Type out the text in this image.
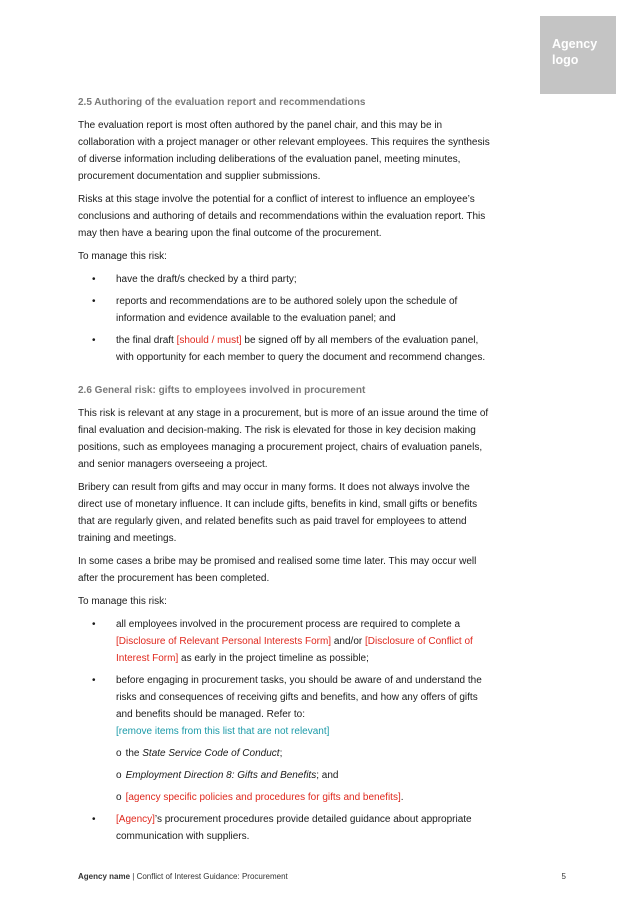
Agency
logo
2.5 Authoring of the evaluation report and recommendations

The evaluation report is most often authored by the panel chair, and this may be in collaboration with a project manager or other relevant employees. This requires the synthesis of diverse information including deliberations of the evaluation panel, meeting minutes, procurement documentation and supplier submissions.

Risks at this stage involve the potential for a conflict of interest to influence an employee’s conclusions and authoring of details and recommendations within the evaluation report. This may then have a bearing upon the final outcome of the procurement.

To manage this risk:

• have the draft/s checked by a third party;
• reports and recommendations are to be authored solely upon the schedule of information and evidence available to the evaluation panel; and
• the final draft [should / must] be signed off by all members of the evaluation panel, with opportunity for each member to query the document and recommend changes.
2.6 General risk: gifts to employees involved in procurement

This risk is relevant at any stage in a procurement, but is more of an issue around the time of final evaluation and decision-making. The risk is elevated for those in key decision making positions, such as employees managing a procurement project, chairs of evaluation panels, and senior managers overseeing a project.

Bribery can result from gifts and may occur in many forms. It does not always involve the direct use of monetary influence. It can include gifts, benefits in kind, small gifts or benefits that are regularly given, and related benefits such as paid travel for employees to attend training and meetings.

In some cases a bribe may be promised and realised some time later. This may occur well after the procurement has been completed.

To manage this risk:

• all employees involved in the procurement process are required to complete a [Disclosure of Relevant Personal Interests Form] and/or [Disclosure of Conflict of Interest Form] as early in the project timeline as possible;
• before engaging in procurement tasks, you should be aware of and understand the risks and consequences of receiving gifts and benefits, and how any offers of gifts and benefits should be managed. Refer to:
[remove items from this list that are not relevant]
o the State Service Code of Conduct;
o Employment Direction 8: Gifts and Benefits; and
o [agency specific policies and procedures for gifts and benefits].
• [Agency]’s procurement procedures provide detailed guidance about appropriate communication with suppliers.
Agency name | Conflict of Interest Guidance: Procurement	5
